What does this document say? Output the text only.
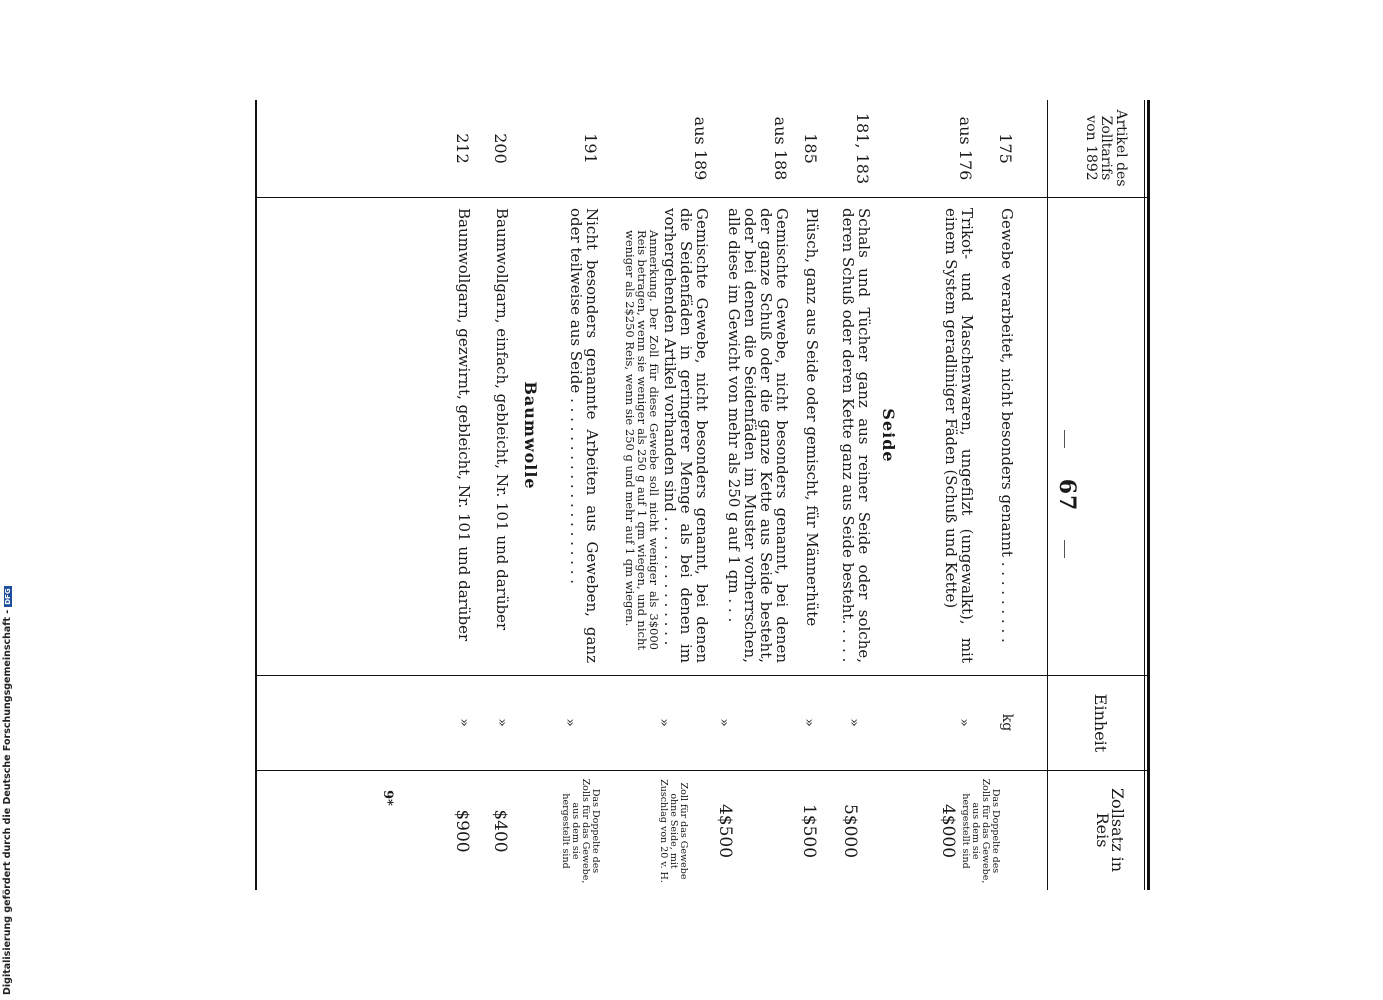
Digitalisierung gefördert durch die Deutsche Forschungsgemeinschaft -DFG
67
Artikel des Zolltarifs von 1892
Einheit
Zollsatz in Reis
175
Gewebe verarbeitet, nicht besonders genannt . . . . . . . . .
kg
aus 176
Trikot- und Maschenwaren, ungefilzt (ungewalkt), mit einem System geradliniger Fäden (Schuß und Kette)
»
Das Doppelte des Zolls für das Gewebe, aus dem sie hergestellt sind
4$000
Seide
181, 183
Schals und Tücher ganz aus reiner Seide oder solche, deren Schuß oder deren Kette ganz aus Seide besteht. . . . .
»
5$000
185
Plüsch, ganz aus Seide oder gemischt, für Männerhüte
»
1$500
aus 188
Gemischte Gewebe, nicht besonders genannt, bei denen der ganze Schuß oder die ganze Kette aus Seide besteht, oder bei denen die Seidenfäden im Muster vorherrschen, alle diese im Gewicht von mehr als 250 g auf 1 qm . . .
»
4$500
aus 189
Gemischte Gewebe, nicht besonders genannt, bei denen die Seidenfäden in geringerer Menge als bei denen im vorhergehenden Artikel vorhanden sind . . . . . . . . . . . . . .
Anmerkung. Der Zoll für diese Gewebe soll nicht weniger als 3$000 Reis betragen, wenn sie weniger als 250 g auf 1 qm wiegen, und nicht weniger als 2$250 Reis, wenn sie 250 g und mehr auf 1 qm wiegen.
»
Zoll für das Gewebe ohne Seide, mit Zuschlag von 20 v. H.
191
Nicht besonders genannte Arbeiten aus Geweben, ganz oder teilweise aus Seide . . . . . . . . . . . . . . . . . . . .
»
Das Doppelte des Zolls für das Gewebe, aus dem sie hergestellt sind
Baumwolle
200
Baumwollgarn, einfach, gebleicht, Nr. 101 und darüber
»
$400
212
Baumwollgarn, gezwirnt, gebleicht, Nr. 101 und darüber
»
$900
9*
